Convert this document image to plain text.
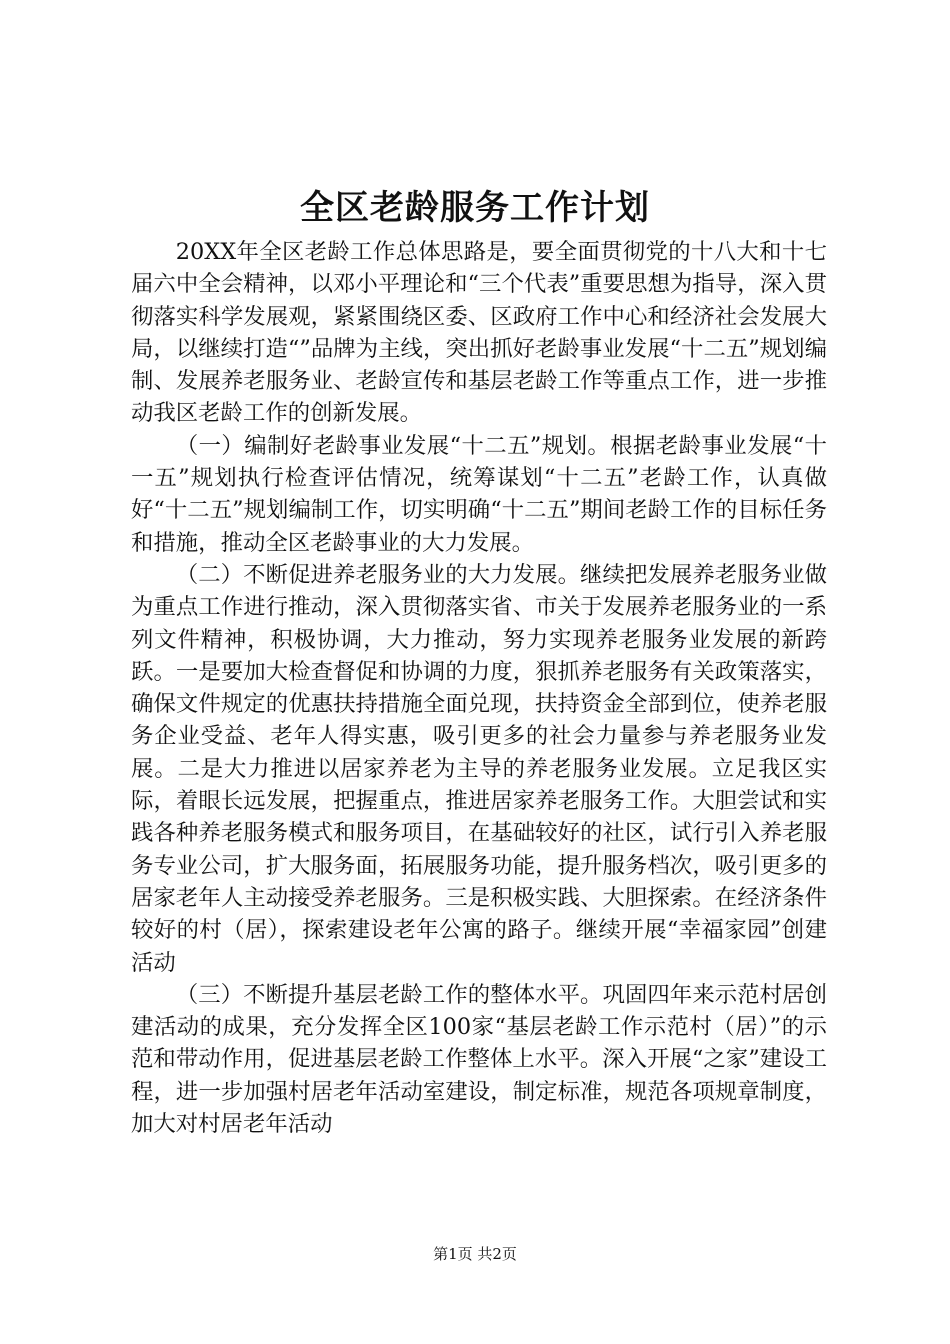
全区老龄服务工作计划

20XX年全区老龄工作总体思路是，要全面贯彻党的十八大和十七届六中全会精神，以邓小平理论和“三个代表”重要思想为指导，深入贯彻落实科学发展观，紧紧围绕区委、区政府工作中心和经济社会发展大局，以继续打造“”品牌为主线，突出抓好老龄事业发展“十二五”规划编制、发展养老服务业、老龄宣传和基层老龄工作等重点工作，进一步推动我区老龄工作的创新发展。

（一）编制好老龄事业发展“十二五”规划。根据老龄事业发展“十一五”规划执行检查评估情况，统筹谋划“十二五”老龄工作，认真做好“十二五”规划编制工作，切实明确“十二五”期间老龄工作的目标任务和措施，推动全区老龄事业的大力发展。

（二）不断促进养老服务业的大力发展。继续把发展养老服务业做为重点工作进行推动，深入贯彻落实省、市关于发展养老服务业的一系列文件精神，积极协调，大力推动，努力实现养老服务业发展的新跨跃。一是要加大检查督促和协调的力度，狠抓养老服务有关政策落实，确保文件规定的优惠扶持措施全面兑现，扶持资金全部到位，使养老服务企业受益、老年人得实惠，吸引更多的社会力量参与养老服务业发展。二是大力推进以居家养老为主导的养老服务业发展。立足我区实际，着眼长远发展，把握重点，推进居家养老服务工作。大胆尝试和实践各种养老服务模式和服务项目，在基础较好的社区，试行引入养老服务专业公司，扩大服务面，拓展服务功能，提升服务档次，吸引更多的居家老年人主动接受养老服务。三是积极实践、大胆探索。在经济条件较好的村（居），探索建设老年公寓的路子。继续开展“幸福家园”创建活动

（三）不断提升基层老龄工作的整体水平。巩固四年来示范村居创建活动的成果，充分发挥全区100家“基层老龄工作示范村（居）”的示范和带动作用，促进基层老龄工作整体上水平。深入开展“之家”建设工程，进一步加强村居老年活动室建设，制定标准，规范各项规章制度，加大对村居老年活动

第1页 共2页
